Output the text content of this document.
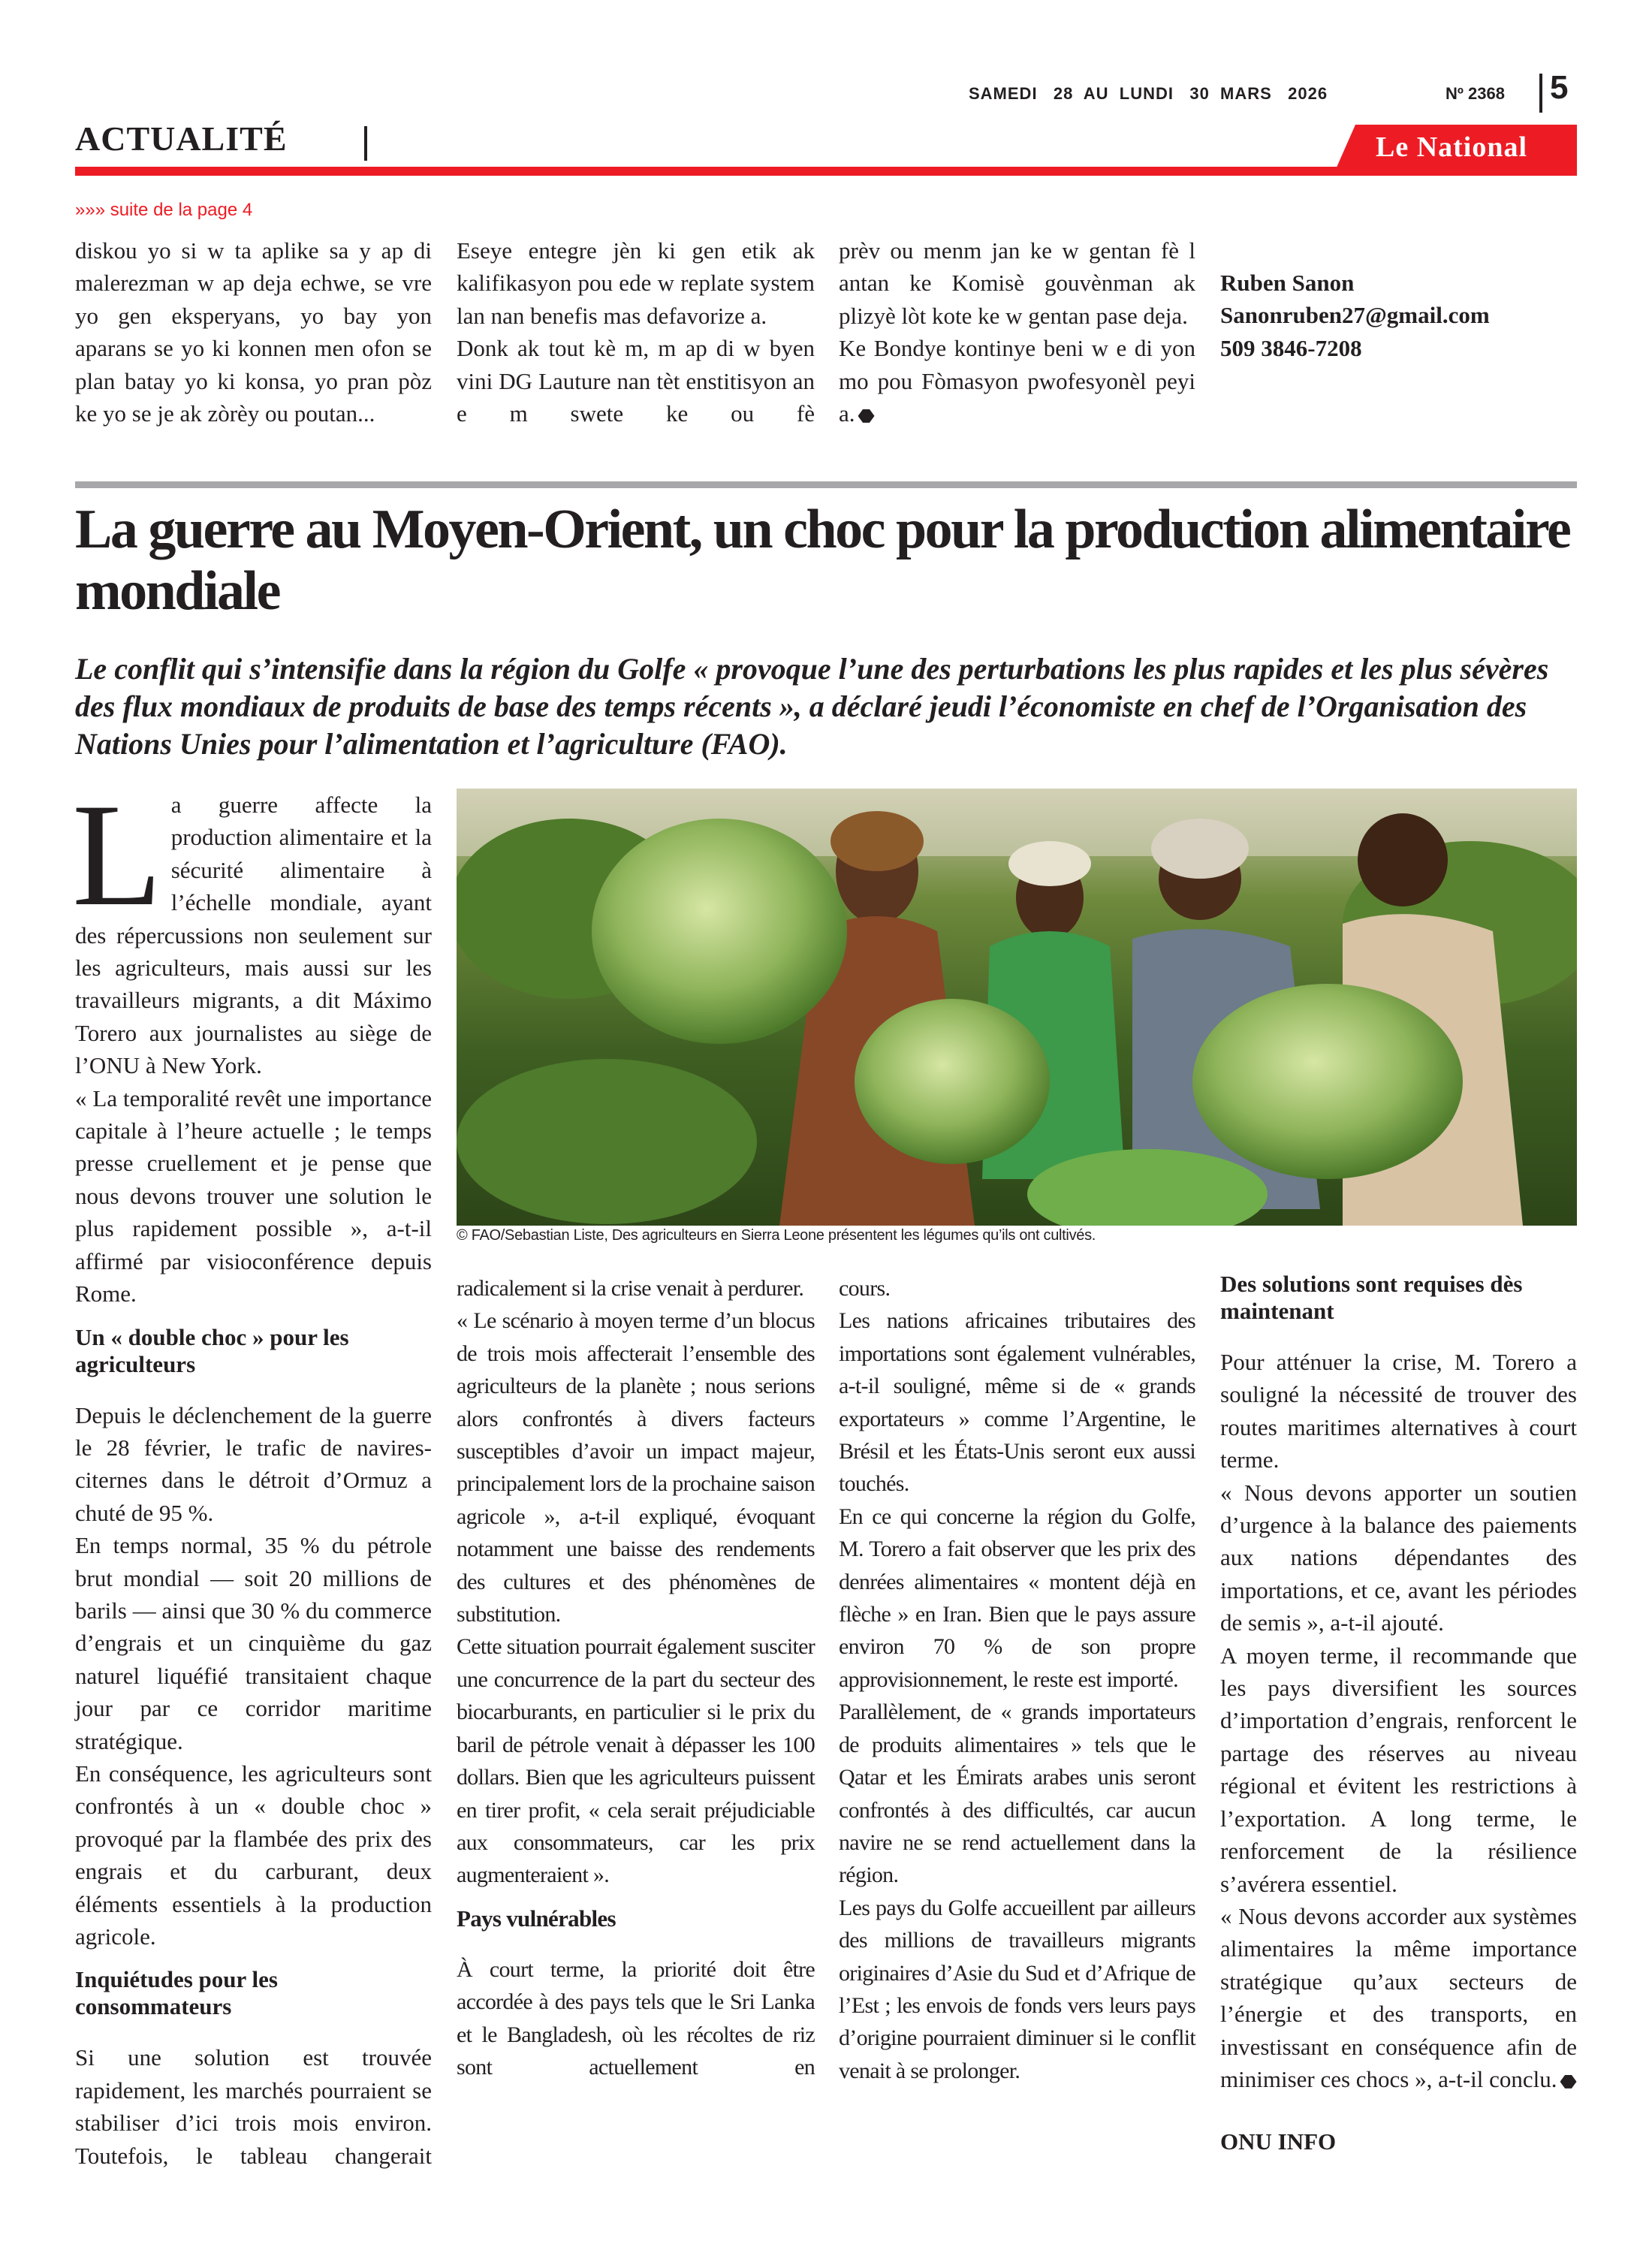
SAMEDI   28  AU  LUNDI   30  MARS   2026	Nº 2368 5
ACTUALITÉ	Le National
»»» suite de la page 4

diskou yo si w ta aplike sa y ap di malerezman w ap deja echwe, se vre yo gen eksperyans, yo bay yon aparans se yo ki konnen men ofon se plan batay yo ki konsa, yo pran pòz ke yo se je ak zòrèy ou poutan...

Eseye entegre jèn ki gen etik ak kalifikasyon pou ede w replate system lan nan benefis mas defavorize a.

Donk ak tout kè m, m ap di w byen vini DG Lauture nan tèt enstitisyon an e m swete ke ou fè

prèv ou menm jan ke w gentan fè l antan ke Komisè gouvènman ak plizyè lòt kote ke w gentan pase deja.

Ke Bondye kontinye beni w e di yon mo pou Fòmasyon pwofesyonèl peyi a.

Ruben Sanon
Sanonruben27@gmail.com
509 3846-7208
La guerre au Moyen-Orient, un choc pour la production alimentaire mondiale

Le conflit qui s’intensifie dans la région du Golfe « provoque l’une des perturbations les plus rapides et les plus sévères des flux mondiaux de produits de base des temps récents », a déclaré jeudi l’économiste en chef de l’Organisation des Nations Unies pour l’alimentation et l’agriculture (FAO).

© FAO/Sebastian Liste, Des agriculteurs en Sierra Leone présentent les légumes qu’ils ont cultivés.
L a guerre affecte la production alimentaire et la sécurité alimentaire à l’échelle mondiale, ayant des répercussions non seulement sur les agriculteurs, mais aussi sur les travailleurs migrants, a dit Máximo Torero aux journalistes au siège de l’ONU à New York.

« La temporalité revêt une importance capitale à l’heure actuelle ; le temps presse cruellement et je pense que nous devons trouver une solution le plus rapidement possible », a-t-il affirmé par visioconférence depuis Rome.

Un « double choc » pour les agriculteurs

Depuis le déclenchement de la guerre le 28 février, le trafic de navires-citernes dans le détroit d’Ormuz a chuté de 95 %.

En temps normal, 35 % du pétrole brut mondial — soit 20 millions de barils — ainsi que 30 % du commerce d’engrais et un cinquième du gaz naturel liquéfié transitaient chaque jour par ce corridor maritime stratégique.

En conséquence, les agriculteurs sont confrontés à un « double choc » provoqué par la flambée des prix des engrais et du carburant, deux éléments essentiels à la production agricole.

Inquiétudes pour les consommateurs

Si une solution est trouvée rapidement, les marchés pourraient se stabiliser d’ici trois mois environ. Toutefois, le tableau changerait

radicalement si la crise venait à perdurer.

« Le scénario à moyen terme d’un blocus de trois mois affecterait l’ensemble des agriculteurs de la planète ; nous serions alors confrontés à divers facteurs susceptibles d’avoir un impact majeur, principalement lors de la prochaine saison agricole », a-t-il expliqué, évoquant notamment une baisse des rendements des cultures et des phénomènes de substitution.

Cette situation pourrait également susciter une concurrence de la part du secteur des biocarburants, en particulier si le prix du baril de pétrole venait à dépasser les 100 dollars. Bien que les agriculteurs puissent en tirer profit, « cela serait préjudiciable aux consommateurs, car les prix augmenteraient ».

Pays vulnérables

À court terme, la priorité doit être accordée à des pays tels que le Sri Lanka et le Bangladesh, où les récoltes de riz sont actuellement en

cours.

Les nations africaines tributaires des importations sont également vulnérables, a-t-il souligné, même si de « grands exportateurs » comme l’Argentine, le Brésil et les États-Unis seront eux aussi touchés.

En ce qui concerne la région du Golfe, M. Torero a fait observer que les prix des denrées alimentaires « montent déjà en flèche » en Iran. Bien que le pays assure environ 70 % de son propre approvisionnement, le reste est importé.

Parallèlement, de « grands importateurs de produits alimentaires » tels que le Qatar et les Émirats arabes unis seront confrontés à des difficultés, car aucun navire ne se rend actuellement dans la région.

Les pays du Golfe accueillent par ailleurs des millions de travailleurs migrants originaires d’Asie du Sud et d’Afrique de l’Est ; les envois de fonds vers leurs pays d’origine pourraient diminuer si le conflit venait à se prolonger.

Des solutions sont requises dès maintenant

Pour atténuer la crise, M. Torero a souligné la nécessité de trouver des routes maritimes alternatives à court terme.

« Nous devons apporter un soutien d’urgence à la balance des paiements aux nations dépendantes des importations, et ce, avant les périodes de semis », a-t-il ajouté.

A moyen terme, il recommande que les pays diversifient les sources d’importation d’engrais, renforcent le partage des réserves au niveau régional et évitent les restrictions à l’exportation. A long terme, le renforcement de la résilience s’avérera essentiel.

« Nous devons accorder aux systèmes alimentaires la même importance stratégique qu’aux secteurs de l’énergie et des transports, en investissant en conséquence afin de minimiser ces chocs », a-t-il conclu.

ONU INFO
